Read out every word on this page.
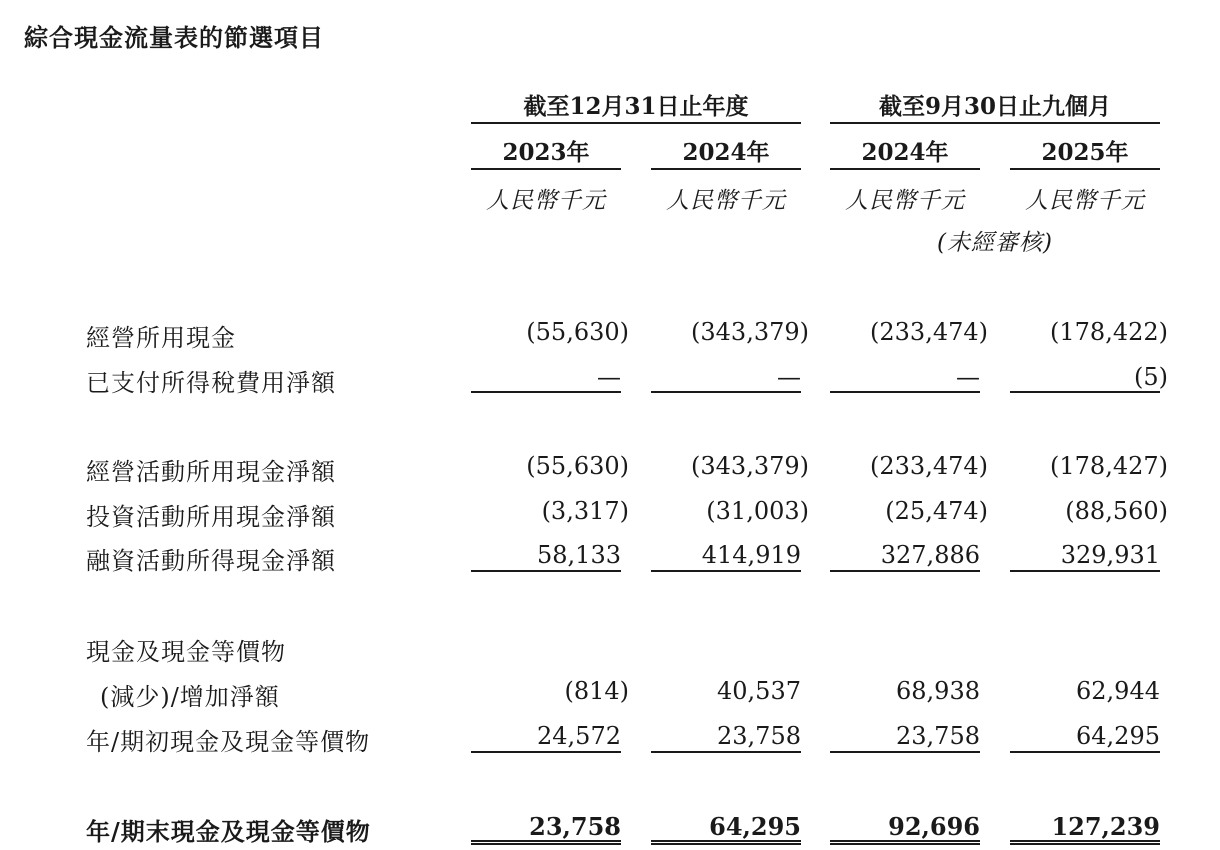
綜合現金流量表的節選項目
截至12月31日止年度	截至9月30日止九個月
2023年	2024年	2024年	2025年
人民幣千元	人民幣千元	人民幣千元	人民幣千元
(未經審核)
經營所用現金	(55,630)	(343,379)	(233,474)	(178,422)
已支付所得稅費用淨額	—	—	—	(5)
經營活動所用現金淨額	(55,630)	(343,379)	(233,474)	(178,427)
投資活動所用現金淨額	(3,317)	(31,003)	(25,474)	(88,560)
融資活動所得現金淨額	58,133	414,919	327,886	329,931
現金及現金等價物
(減少)/增加淨額	(814)	40,537	68,938	62,944
年/期初現金及現金等價物	24,572	23,758	23,758	64,295
年/期末現金及現金等價物	23,758	64,295	92,696	127,239
